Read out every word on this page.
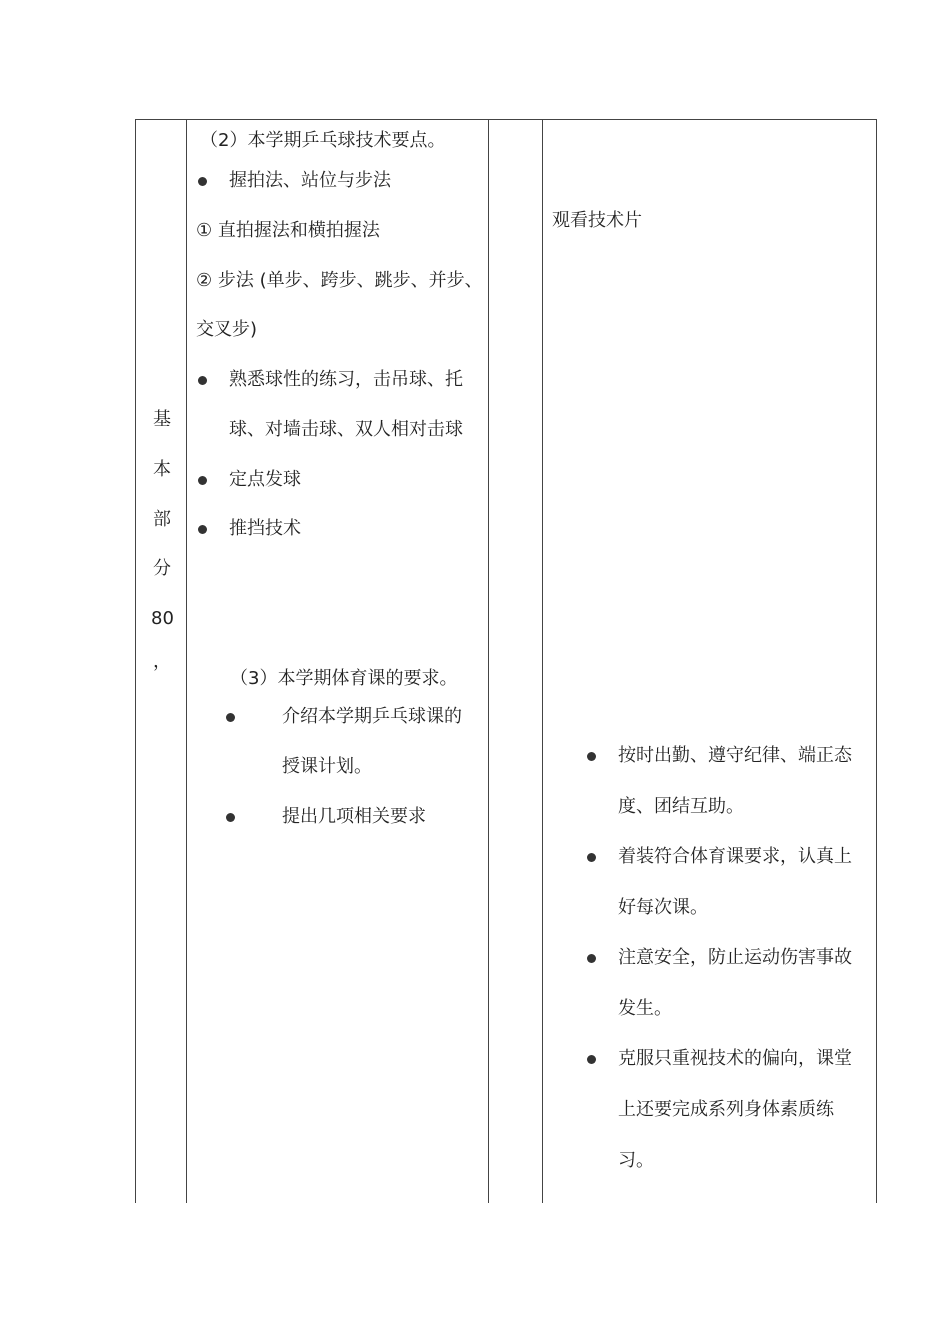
基
本
部
分
80
，
（2）本学期乒乓球技术要点。
握拍法、站位与步法
① 直拍握法和横拍握法
② 步法 (单步、跨步、跳步、并步、
交叉步)
熟悉球性的练习，击吊球、托
球、对墙击球、双人相对击球
定点发球
推挡技术
（3）本学期体育课的要求。
介绍本学期乒乓球课的
授课计划。
提出几项相关要求
观看技术片
按时出勤、遵守纪律、端正态
度、团结互助。
着装符合体育课要求，认真上
好每次课。
注意安全，防止运动伤害事故
发生。
克服只重视技术的偏向，课堂
上还要完成系列身体素质练
习。
